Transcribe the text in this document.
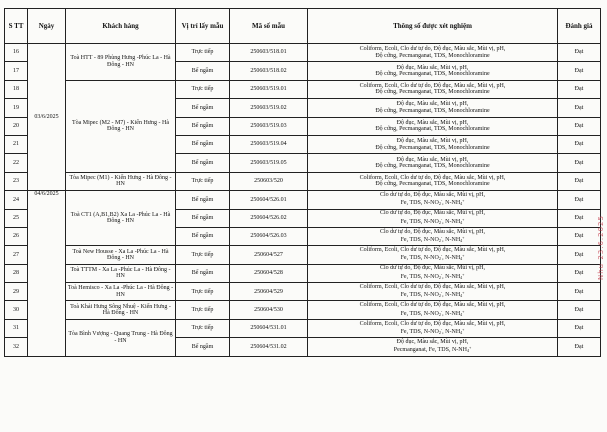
S TT	Ngày	Khách hàng	Vị trí lấy mẫu	Mã số mẫu	Thông số được xét nghiệm	Đánh giá
16	03/6/2025	Toà HTT - 89 Phùng Hưng -Phúc La - Hà Đông - HN	Trực tiếp	250603/518.01	Coliform, Ecoli, Clo dư tự do, Độ đục, Màu sắc, Mùi vị, pH,
Độ cứng, Pecmanganat, TDS, Monochloramine	Đạt
17			Bể ngầm	250603/518.02	Độ đục, Màu sắc, Mùi vị, pH,
Độ cứng, Pecmanganat, TDS, Monochloramine	Đạt
18		Tòa Mipec (M2 - M7) - Kiến Hưng - Hà Đông - HN	Trực tiếp	250603/519.01	Coliform, Ecoli, Clo dư tự do, Độ đục, Màu sắc, Mùi vị, pH,
Độ cứng, Pecmanganat, TDS, Monochloramine	Đạt
19			Bể ngầm	250603/519.02	Độ đục, Màu sắc, Mùi vị, pH,
Độ cứng, Pecmanganat, TDS, Monochloramine	Đạt
20			Bể ngầm	250603/519.03	Độ đục, Màu sắc, Mùi vị, pH,
Độ cứng, Pecmanganat, TDS, Monochloramine	Đạt
21			Bể ngầm	250603/519.04	Độ đục, Màu sắc, Mùi vị, pH,
Độ cứng, Pecmanganat, TDS, Monochloramine	Đạt
22			Bể ngầm	250603/519.05	Độ đục, Màu sắc, Mùi vị, pH,
Độ cứng, Pecmanganat, TDS, Monochloramine	Đạt
23		Tòa Mipec (M1) - Kiến Hưng - Hà Đông - HN	Trực tiếp	250603/520	Coliform, Ecoli, Clo dư tự do, Độ đục, Màu sắc, Mùi vị, pH,
Độ cứng, Pecmanganat, TDS, Monochloramine	Đạt
24	04/6/2025	Toà CT1 (A,B1,B2) Xa La -Phúc La - Hà Đông - HN	Bể ngầm	250604/526.01	Clo dư tự do, Độ đục, Màu sắc, Mùi vị, pH,
Fe, TDS, $N-NO_2^-$, $N-NH_4^+$	Đạt
25			Bể ngầm	250604/526.02	Clo dư tự do, Độ đục, Màu sắc, Mùi vị, pH,
Fe, TDS, $N-NO_2^-$, $N-NH_4^+$	Đạt
26			Bể ngầm	250604/526.03	Clo dư tự do, Độ đục, Màu sắc, Mùi vị, pH,
Fe, TDS, $N-NO_2^-$, $N-NH_4^+$	Đạt
27		Toà New Housse - Xa La -Phúc La - Hà Đông - HN	Trực tiếp	250604/527	Coliform, Ecoli, Clo dư tự do, Độ đục, Màu sắc, Mùi vị, pH,
Fe, TDS, $N-NO_2^-$, $N-NH_4^+$	Đạt
28		Toà TTTM - Xa La -Phúc La - Hà Đông - HN	Bể ngầm	250604/528	Clo dư tự do, Độ đục, Màu sắc, Mùi vị, pH,
Fe, TDS, $N-NO_2^-$, $N-NH_4^+$	Đạt
29		Toà Hemisco - Xa La -Phúc La - Hà Đông - HN	Trực tiếp	250604/529	Coliform, Ecoli, Clo dư tự do, Độ đục, Màu sắc, Mùi vị, pH,
Fe, TDS, $N-NO_2^-$, $N-NH_4^+$	Đạt
30		Toà Khải Hưng Sông Nhuệ - Kiến Hưng - Hà Đông - HN	Trực tiếp	250604/530	Coliform, Ecoli, Clo dư tự do, Độ đục, Màu sắc, Mùi vị, pH,
Fe, TDS, $N-NO_2^-$, $N-NH_4^+$	Đạt
31		Tòa Bình Vượng - Quang Trung - Hà Đông - HN	Trực tiếp	250604/531.01	Coliform, Ecoli, Clo dư tự do, Độ đục, Màu sắc, Mùi vị, pH,
Fe, TDS, $N-NO_2^-$, $N-NH_4^+$	Đạt
32			Bể ngầm	250604/531.02	Độ đục, Màu sắc, Mùi vị, pH,
Pecmanganat, Fe, TDS, $N-NH_4^+$	Đạt
Nhu 23.6.2025
